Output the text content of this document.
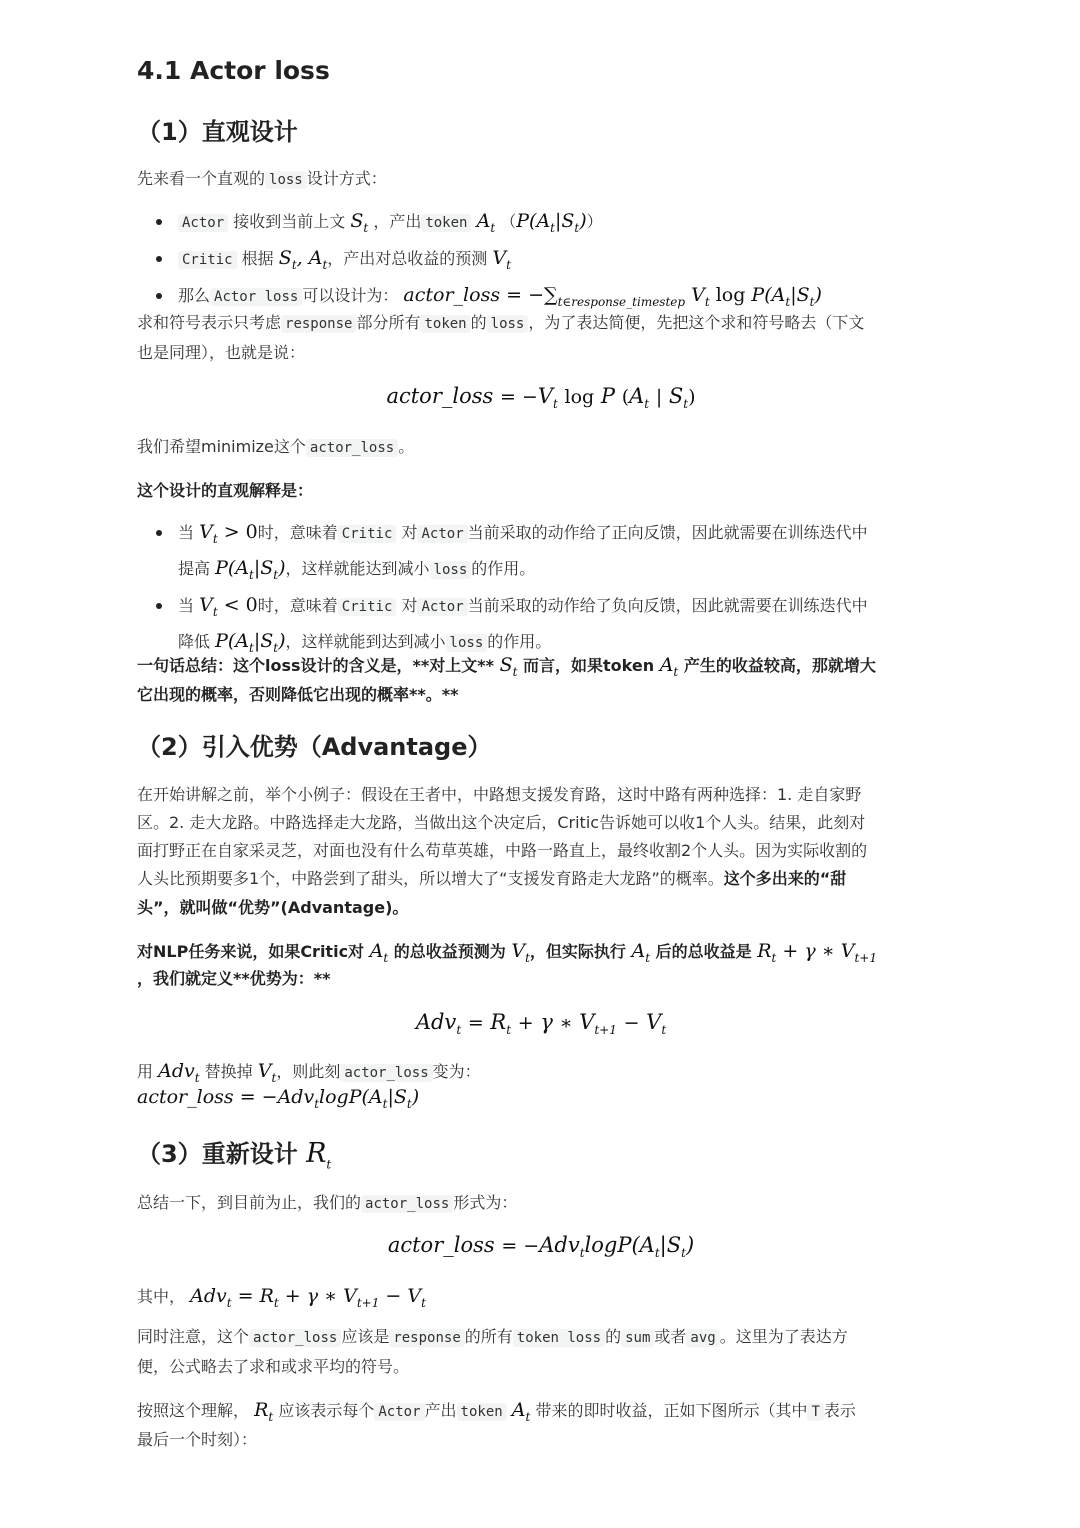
4.1 Actor loss
（1）直观设计

先来看一个直观的 loss 设计方式：

Actor 接收到当前上文 $S_t$ ，产出 token $A_t$ $(P(A_t|S_t))$
Critic 根据 $S_t$, $A_t$，产出对总收益的预测 $V_t$
那么 Actor loss 可以设计为： actor_loss = $-\sum_{t\in response\_timestep}$ $V_t$ $\log P(A_t|S_t)$

求和符号表示只考虑 response 部分所有 token 的 loss ，为了表达简便，先把这个求和符号略去（下文

也是同理），也就是说：

actor_loss = $-V_t$ log P ($A_t$ | $S_t$)

我们希望minimize这个 actor_loss 。

这个设计的直观解释是：

当 $V_t > 0$时，意味着 Critic 对 Actor 当前采取的动作给了正向反馈，因此就需要在训练迭代中
提高 $P(A_t|S_t)$，这样就能达到减小 loss 的作用。
当 $V_t < 0$时，意味着 Critic 对 Actor 当前采取的动作给了负向反馈，因此就需要在训练迭代中
降低 $P(A_t|S_t)$，这样就能到达到减小 loss 的作用。

一句话总结：这个loss设计的含义是，**对上文** $S_t$ 而言，如果token $A_t$ 产生的收益较高，那就增大

它出现的概率，否则降低它出现的概率**。**

（2）引入优势（Advantage）

在开始讲解之前，举个小例子：假设在王者中，中路想支援发育路，这时中路有两种选择：1. 走自家野

区。2. 走大龙路。中路选择走大龙路，当做出这个决定后，Critic告诉她可以收1个人头。结果，此刻对

面打野正在自家采灵芝，对面也没有什么苟草英雄，中路一路直上，最终收割2个人头。因为实际收割的

人头比预期要多1个，中路尝到了甜头，所以增大了“支援发育路走大龙路”的概率。这个多出来的“甜

头”，就叫做“优势”(Advantage)。

对NLP任务来说，如果Critic对 $A_t$ 的总收益预测为 $V_t$，但实际执行 $A_t$ 后的总收益是 $R_t + \gamma$ ∗ $V_{t+1}$

，我们就定义**优势为：**

$Adv_t = R_t + \gamma$ ∗ $V_{t+1} - V_t$

用 Adv$_t$ 替换掉 $V_t$，则此刻 actor_loss 变为：

actor_loss = $-Adv_t\log P(A_t|S_t)$
（3）重新设计 $R_t$

总结一下，到目前为止，我们的 actor_loss 形式为：

actor_loss = $-Adv_t\log P(A_t|S_t)$

其中， $Adv_t = R_t + \gamma$ ∗ $V_{t+1} - V_t$

同时注意，这个 actor_loss 应该是 response 的所有 token loss 的 sum 或者 avg 。这里为了表达方

便，公式略去了求和或求平均的符号。

按照这个理解， $R_t$ 应该表示每个 Actor 产出 token $A_t$ 带来的即时收益，正如下图所示（其中 T 表示

最后一个时刻）：
